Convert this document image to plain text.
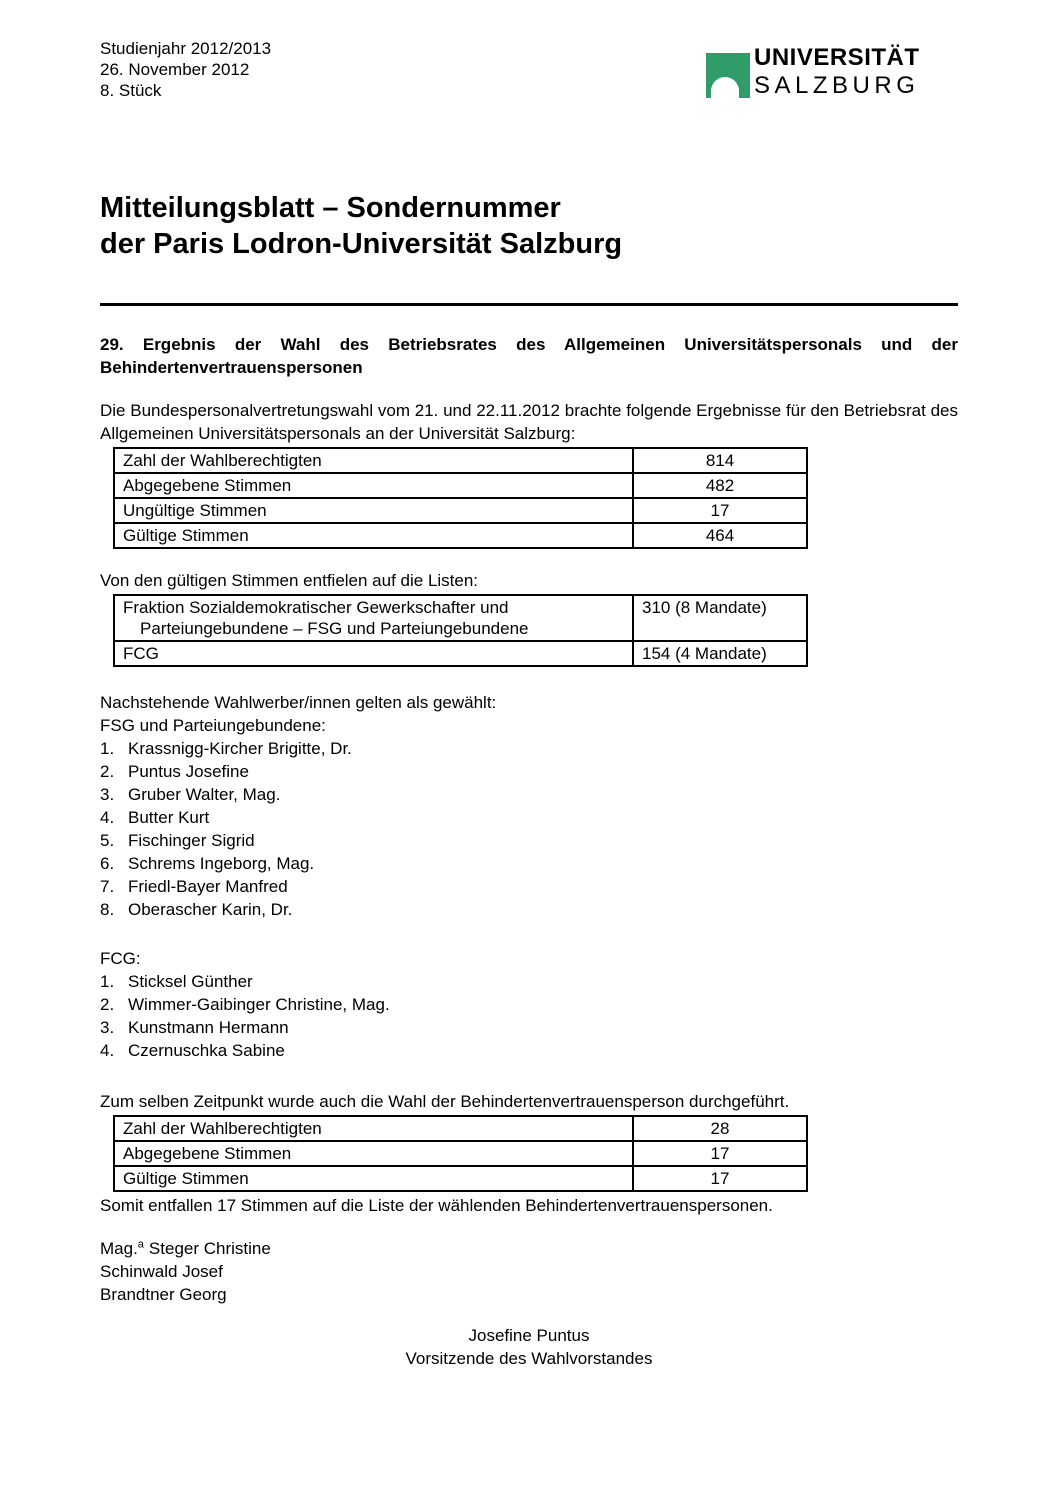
Studienjahr 2012/2013
26. November 2012
8. Stück
UNIVERSITÄT
SALZBURG
Mitteilungsblatt – Sondernummer
der Paris Lodron-Universität Salzburg

29. Ergebnis der Wahl des Betriebsrates des Allgemeinen Universitätspersonals und der Behindertenvertrauenspersonen

Die Bundespersonalvertretungswahl vom 21. und 22.11.2012 brachte folgende Ergebnisse für den Betriebsrat des Allgemeinen Universitätspersonals an der Universität Salzburg:

Zahl der Wahlberechtigten	814
Abgegebene Stimmen	482
Ungültige Stimmen	17
Gültige Stimmen	464

Von den gültigen Stimmen entfielen auf die Listen:

Fraktion Sozialdemokratischer Gewerkschafter und
Parteiungebundene – FSG und Parteiungebundene	310 (8 Mandate)
FCG	154 (4 Mandate)

Nachstehende Wahlwerber/innen gelten als gewählt:

FSG und Parteiungebundene:

1. Krassnigg-Kircher Brigitte, Dr.
2. Puntus Josefine
3. Gruber Walter, Mag.
4. Butter Kurt
5. Fischinger Sigrid
6. Schrems Ingeborg, Mag.
7. Friedl-Bayer Manfred
8. Oberascher Karin, Dr.

FCG:

1. Sticksel Günther
2. Wimmer-Gaibinger Christine, Mag.
3. Kunstmann Hermann
4. Czernuschka Sabine

Zum selben Zeitpunkt wurde auch die Wahl der Behindertenvertrauensperson durchgeführt.

Zahl der Wahlberechtigten	28
Abgegebene Stimmen	17
Gültige Stimmen	17

Somit entfallen 17 Stimmen auf die Liste der wählenden Behindertenvertrauenspersonen.

Mag.$^a$ Steger Christine
Schinwald Josef
Brandtner Georg
Josefine Puntus
Vorsitzende des Wahlvorstandes
